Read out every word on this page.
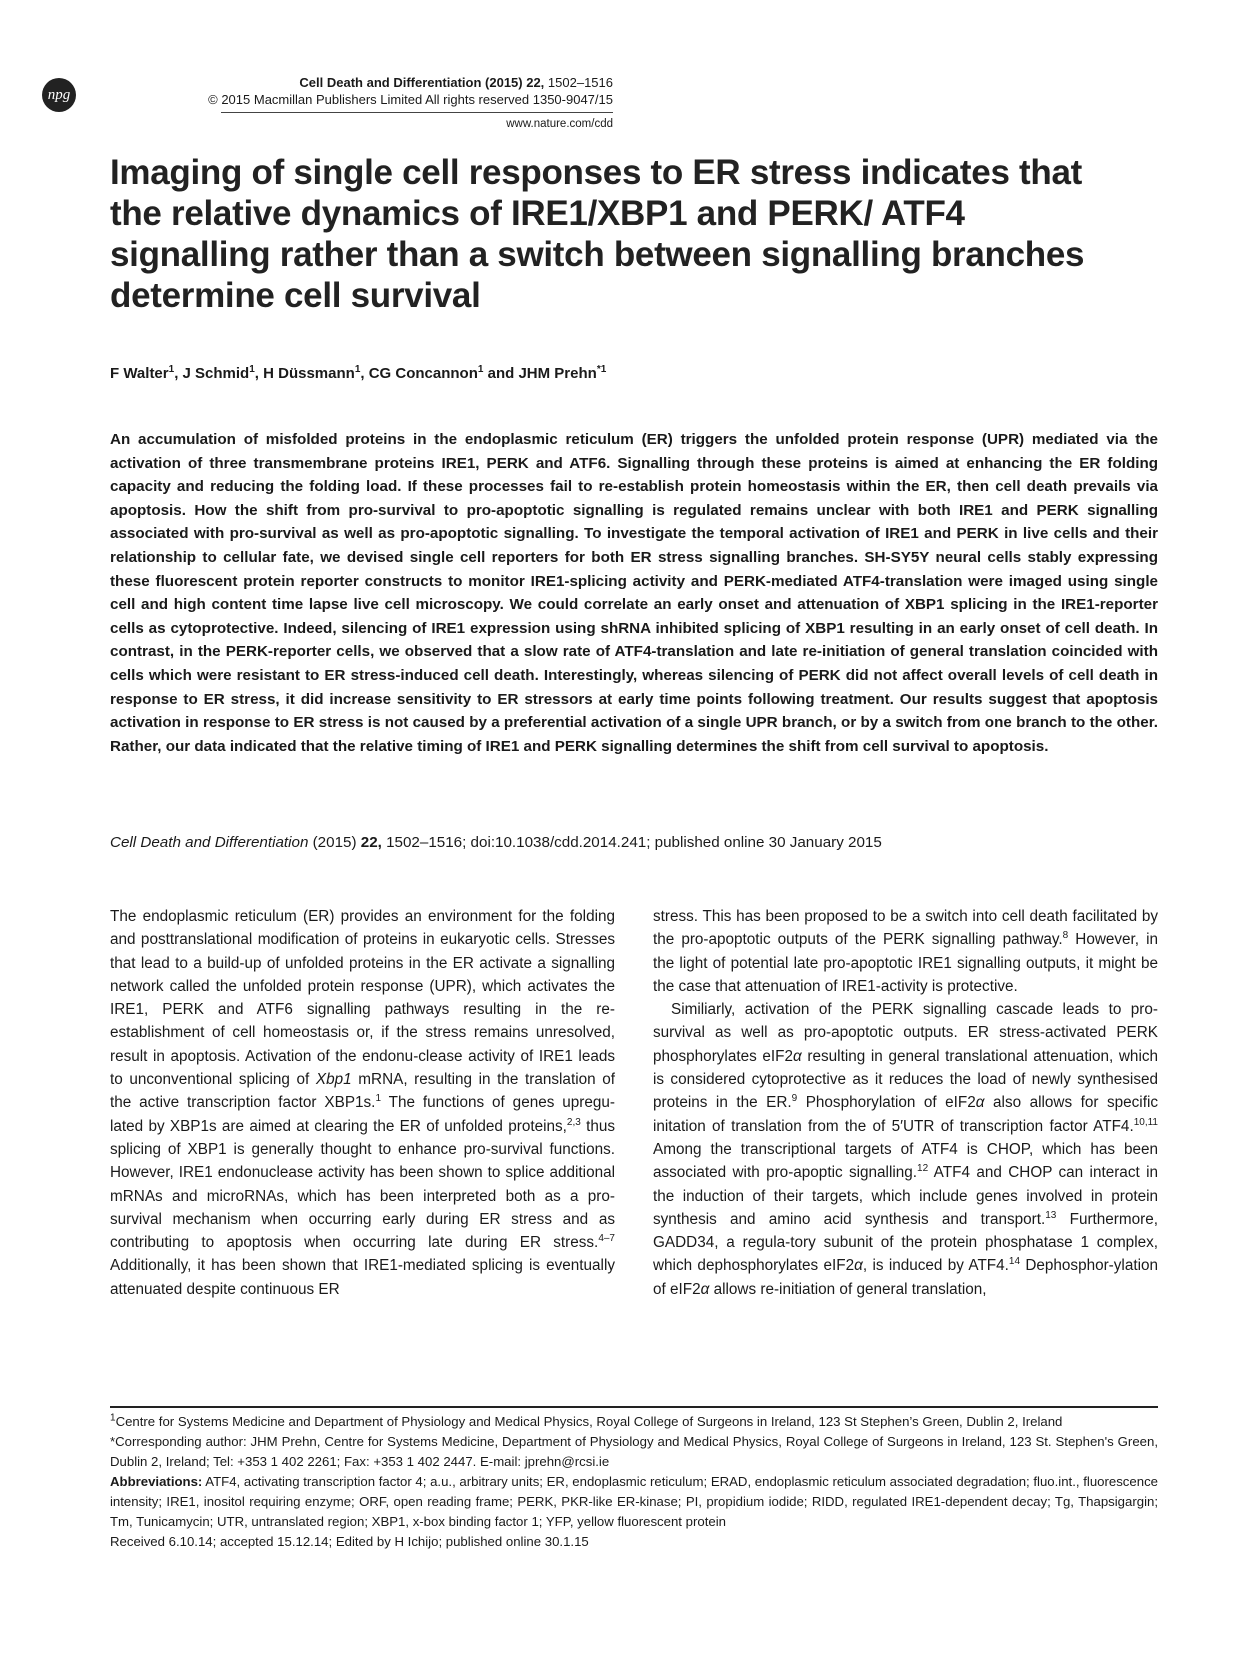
npg
Cell Death and Differentiation (2015) 22, 1502–1516
© 2015 Macmillan Publishers Limited All rights reserved 1350-9047/15
www.nature.com/cdd
Imaging of single cell responses to ER stress indicates that the relative dynamics of IRE1/XBP1 and PERK/ ATF4 signalling rather than a switch between signalling branches determine cell survival
F Walter$^1$, J Schmid$^1$, H Düssmann$^1$, CG Concannon$^1$ and JHM Prehn$^{*1}$

An accumulation of misfolded proteins in the endoplasmic reticulum (ER) triggers the unfolded protein response (UPR) mediated via the activation of three transmembrane proteins IRE1, PERK and ATF6. Signalling through these proteins is aimed at enhancing the ER folding capacity and reducing the folding load. If these processes fail to re-establish protein homeostasis within the ER, then cell death prevails via apoptosis. How the shift from pro-survival to pro-apoptotic signalling is regulated remains unclear with both IRE1 and PERK signalling associated with pro-survival as well as pro-apoptotic signalling. To investigate the temporal activation of IRE1 and PERK in live cells and their relationship to cellular fate, we devised single cell reporters for both ER stress signalling branches. SH-SY5Y neural cells stably expressing these fluorescent protein reporter constructs to monitor IRE1-splicing activity and PERK-mediated ATF4-translation were imaged using single cell and high content time lapse live cell microscopy. We could correlate an early onset and attenuation of XBP1 splicing in the IRE1-reporter cells as cytoprotective. Indeed, silencing of IRE1 expression using shRNA inhibited splicing of XBP1 resulting in an early onset of cell death. In contrast, in the PERK-reporter cells, we observed that a slow rate of ATF4-translation and late re-initiation of general translation coincided with cells which were resistant to ER stress-induced cell death. Interestingly, whereas silencing of PERK did not affect overall levels of cell death in response to ER stress, it did increase sensitivity to ER stressors at early time points following treatment. Our results suggest that apoptosis activation in response to ER stress is not caused by a preferential activation of a single UPR branch, or by a switch from one branch to the other. Rather, our data indicated that the relative timing of IRE1 and PERK signalling determines the shift from cell survival to apoptosis.

Cell Death and Differentiation (2015) 22, 1502–1516; doi:10.1038/cdd.2014.241; published online 30 January 2015

The endoplasmic reticulum (ER) provides an environment for the folding and posttranslational modification of proteins in eukaryotic cells. Stresses that lead to a build-up of unfolded proteins in the ER activate a signalling network called the unfolded protein response (UPR), which activates the IRE1, PERK and ATF6 signalling pathways resulting in the re-establishment of cell homeostasis or, if the stress remains unresolved, result in apoptosis. Activation of the endonu-clease activity of IRE1 leads to unconventional splicing of Xbp1 mRNA, resulting in the translation of the active transcription factor XBP1s.$^1$ The functions of genes upregu-lated by XBP1s are aimed at clearing the ER of unfolded proteins,$^{2,3}$ thus splicing of XBP1 is generally thought to enhance pro-survival functions. However, IRE1 endonuclease activity has been shown to splice additional mRNAs and microRNAs, which has been interpreted both as a pro-survival mechanism when occurring early during ER stress and as contributing to apoptosis when occurring late during ER stress.$^{4-7}$ Additionally, it has been shown that IRE1-mediated splicing is eventually attenuated despite continuous ER

stress. This has been proposed to be a switch into cell death facilitated by the pro-apoptotic outputs of the PERK signalling pathway.$^8$ However, in the light of potential late pro-apoptotic IRE1 signalling outputs, it might be the case that attenuation of IRE1-activity is protective.

Similiarly, activation of the PERK signalling cascade leads to pro-survival as well as pro-apoptotic outputs. ER stress-activated PERK phosphorylates eIF2α resulting in general translational attenuation, which is considered cytoprotective as it reduces the load of newly synthesised proteins in the ER.$^9$ Phosphorylation of eIF2α also allows for specific initation of translation from the of 5′UTR of transcription factor ATF4.$^{10,11}$ Among the transcriptional targets of ATF4 is CHOP, which has been associated with pro-apoptic signalling.$^{12}$ ATF4 and CHOP can interact in the induction of their targets, which include genes involved in protein synthesis and amino acid synthesis and transport.$^{13}$ Furthermore, GADD34, a regula-tory subunit of the protein phosphatase 1 complex, which dephosphorylates eIF2α, is induced by ATF4.14 Dephosphor-ylation of eIF2α allows re-initiation of general translation,

$^1$Centre for Systems Medicine and Department of Physiology and Medical Physics, Royal College of Surgeons in Ireland, 123 St Stephen’s Green, Dublin 2, Ireland

*Corresponding author: JHM Prehn, Centre for Systems Medicine, Department of Physiology and Medical Physics, Royal College of Surgeons in Ireland, 123 St. Stephen's Green, Dublin 2, Ireland; Tel: +353 1 402 2261; Fax: +353 1 402 2447. E-mail: jprehn@rcsi.ie

Abbreviations: ATF4, activating transcription factor 4; a.u., arbitrary units; ER, endoplasmic reticulum; ERAD, endoplasmic reticulum associated degradation; fluo.int., fluorescence intensity; IRE1, inositol requiring enzyme; ORF, open reading frame; PERK, PKR-like ER-kinase; PI, propidium iodide; RIDD, regulated IRE1-dependent decay; Tg, Thapsigargin; Tm, Tunicamycin; UTR, untranslated region; XBP1, x-box binding factor 1; YFP, yellow fluorescent protein

Received 6.10.14; accepted 15.12.14; Edited by H Ichijo; published online 30.1.15
